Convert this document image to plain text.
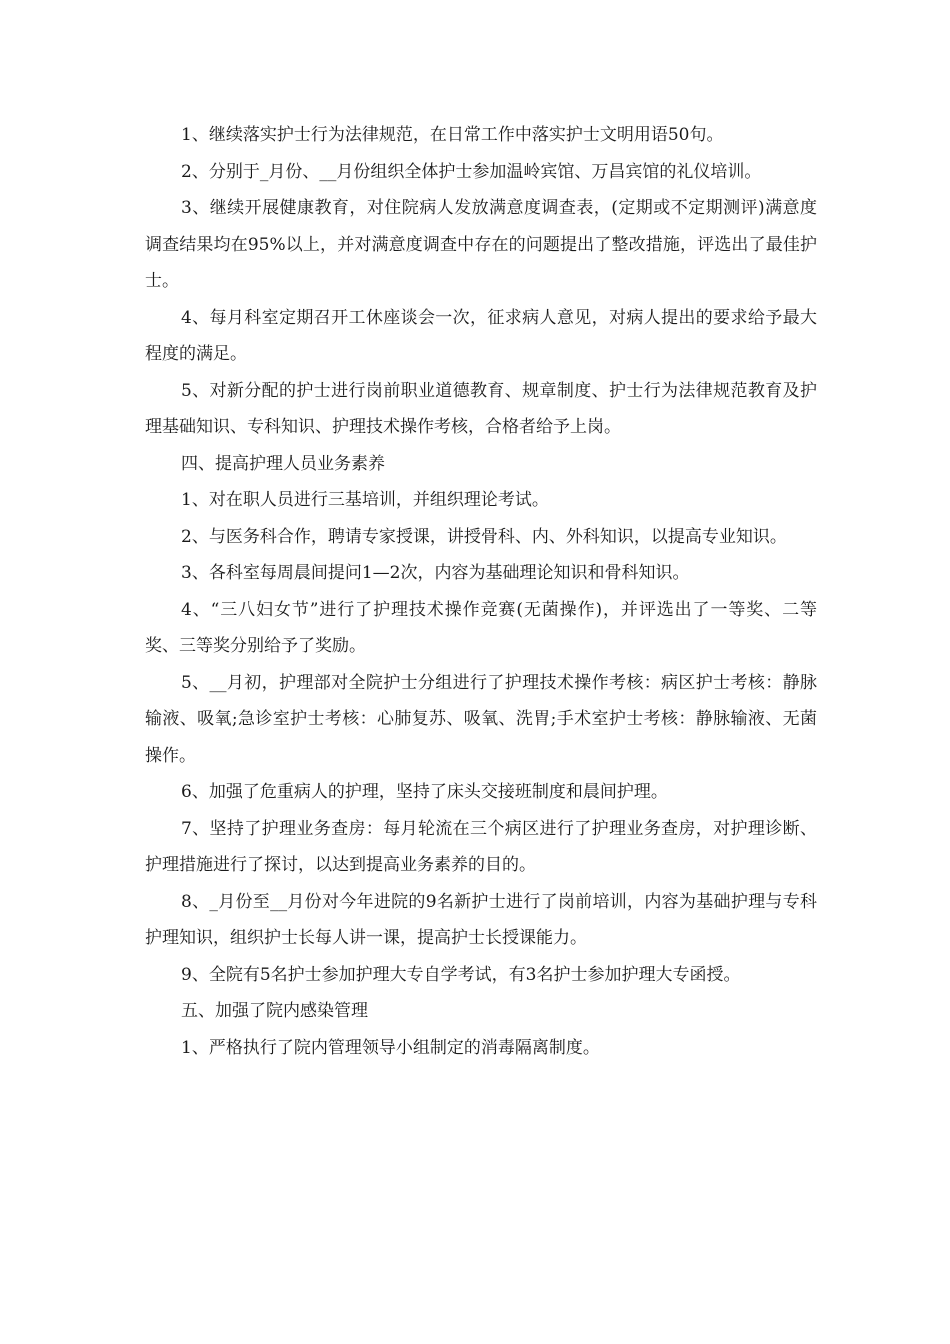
1、继续落实护士行为法律规范，在日常工作中落实护士文明用语50句。

2、分别于_月份、__月份组织全体护士参加温岭宾馆、万昌宾馆的礼仪培训。

3、继续开展健康教育，对住院病人发放满意度调查表，(定期或不定期测评)满意度调查结果均在95%以上，并对满意度调查中存在的问题提出了整改措施，评选出了最佳护士。

4、每月科室定期召开工休座谈会一次，征求病人意见，对病人提出的要求给予最大程度的满足。

5、对新分配的护士进行岗前职业道德教育、规章制度、护士行为法律规范教育及护理基础知识、专科知识、护理技术操作考核，合格者给予上岗。

四、提高护理人员业务素养

1、对在职人员进行三基培训，并组织理论考试。

2、与医务科合作，聘请专家授课，讲授骨科、内、外科知识，以提高专业知识。

3、各科室每周晨间提问1—2次，内容为基础理论知识和骨科知识。

4、“三八妇女节”进行了护理技术操作竞赛(无菌操作)，并评选出了一等奖、二等奖、三等奖分别给予了奖励。

5、__月初，护理部对全院护士分组进行了护理技术操作考核：病区护士考核：静脉输液、吸氧;急诊室护士考核：心肺复苏、吸氧、洗胃;手术室护士考核：静脉输液、无菌操作。

6、加强了危重病人的护理，坚持了床头交接班制度和晨间护理。

7、坚持了护理业务查房：每月轮流在三个病区进行了护理业务查房，对护理诊断、护理措施进行了探讨，以达到提高业务素养的目的。

8、_月份至__月份对今年进院的9名新护士进行了岗前培训，内容为基础护理与专科护理知识，组织护士长每人讲一课，提高护士长授课能力。

9、全院有5名护士参加护理大专自学考试，有3名护士参加护理大专函授。

五、加强了院内感染管理

1、严格执行了院内管理领导小组制定的消毒隔离制度。
